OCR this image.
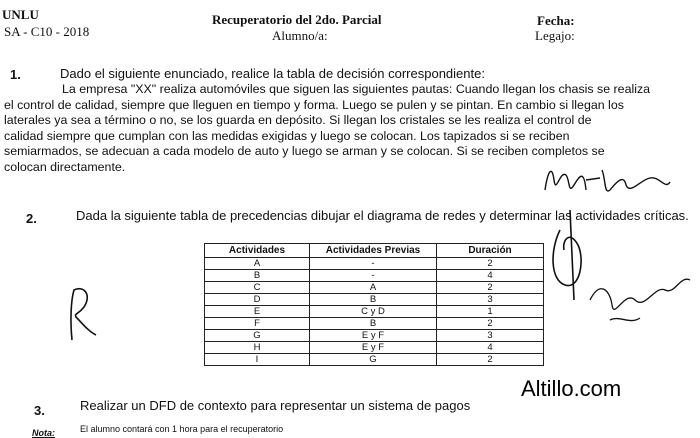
UNLU
SA - C10 - 2018
Recuperatorio del 2do. Parcial
Alumno/a:
Fecha:
Legajo:
1.	Dado el siguiente enunciado, realice la tabla de decisión correspondiente:
La empresa "XX" realiza automóviles que siguen las siguientes pautas: Cuando llegan los chasis se realiza
el control de calidad, siempre que lleguen en tiempo y forma. Luego se pulen y se pintan. En cambio si llegan los
laterales ya sea a término o no, se los guarda en depósito. Si llegan los cristales se les realiza el control de
calidad siempre que cumplan con las medidas exigidas y luego se colocan. Los tapizados si se reciben
semiarmados, se adecuan a cada modelo de auto y luego se arman y se colocan. Si se reciben completos se
colocan directamente.
2.	Dada la siguiente tabla de precedencias dibujar el diagrama de redes y determinar las actividades críticas.
Actividades	Actividades Previas	Duración
A	-	2
B	-	4
C	A	2
D	B	3
E	C y D	1
F	B	2
G	E y F	3
H	E y F	4
I	G	2
3.	Realizar un DFD de contexto para representar un sistema de pagos
Altillo.com
Nota:	El alumno contará con 1 hora para el recuperatorio
